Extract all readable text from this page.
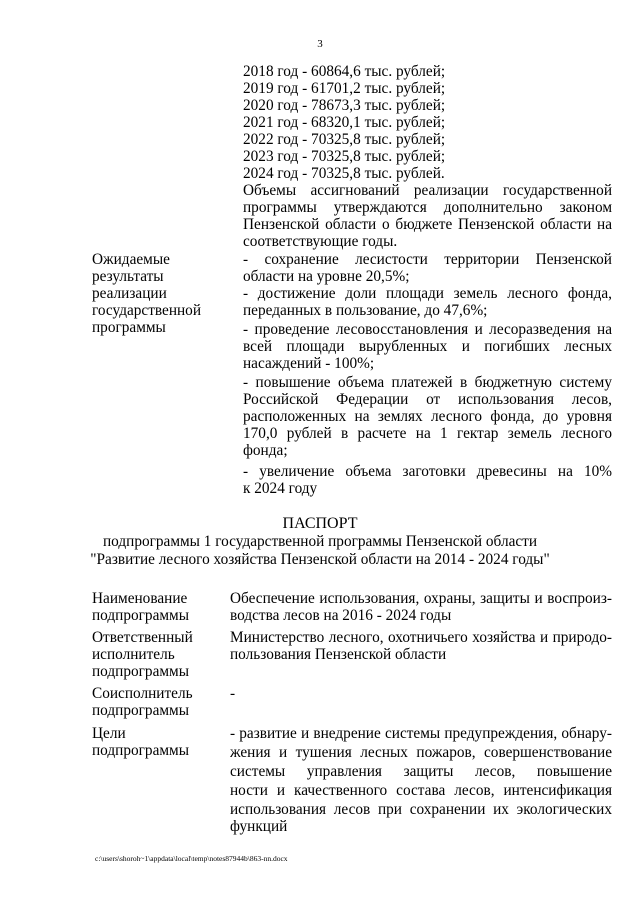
3
2018 год - 60864,6 тыс. рублей;
2019 год - 61701,2 тыс. рублей;
2020 год - 78673,3 тыс. рублей;
2021 год - 68320,1 тыс. рублей;
2022 год - 70325,8 тыс. рублей;
2023 год - 70325,8 тыс. рублей;
2024 год - 70325,8 тыс. рублей.
Объемы ассигнований реализации государственной
программы утверждаются дополнительно законом
Пензенской области о бюджете Пензенской области на
соответствующие годы.
Ожидаемые
результаты
реализации
государственной
программы
- сохранение лесистости территории Пензенской
области на уровне 20,5%;
- достижение доли площади земель лесного фонда,
переданных в пользование, до 47,6%;
- проведение лесовосстановления и лесоразведения на
всей площади вырубленных и погибших лесных
насаждений - 100%;
- повышение объема платежей в бюджетную систему
Российской Федерации от использования лесов,
расположенных на землях лесного фонда, до уровня
170,0 рублей в расчете на 1 гектар земель лесного
фонда;
- увеличение объема заготовки древесины на 10%
к 2024 году
ПАСПОРТ
подпрограммы 1 государственной программы Пензенской области
"Развитие лесного хозяйства Пензенской области на 2014 - 2024 годы"
Наименование
подпрограммы
Обеспечение использования, охраны, защиты и воспроиз-
водства лесов на 2016 - 2024 годы
Ответственный
исполнитель
подпрограммы
Министерство лесного, охотничьего хозяйства и природо-
пользования Пензенской области
Соисполнитель
подпрограммы
-
Цели
подпрограммы
- развитие и внедрение системы предупреждения, обнару-
жения и тушения лесных пожаров, совершенствование
системы управления защиты лесов, повышение
ности и качественного состава лесов, интенсификация
использования лесов при сохранении их экологических
функций
c:\users\shoroh~1\appdata\local\temp\notes87944b\863-nn.docx
